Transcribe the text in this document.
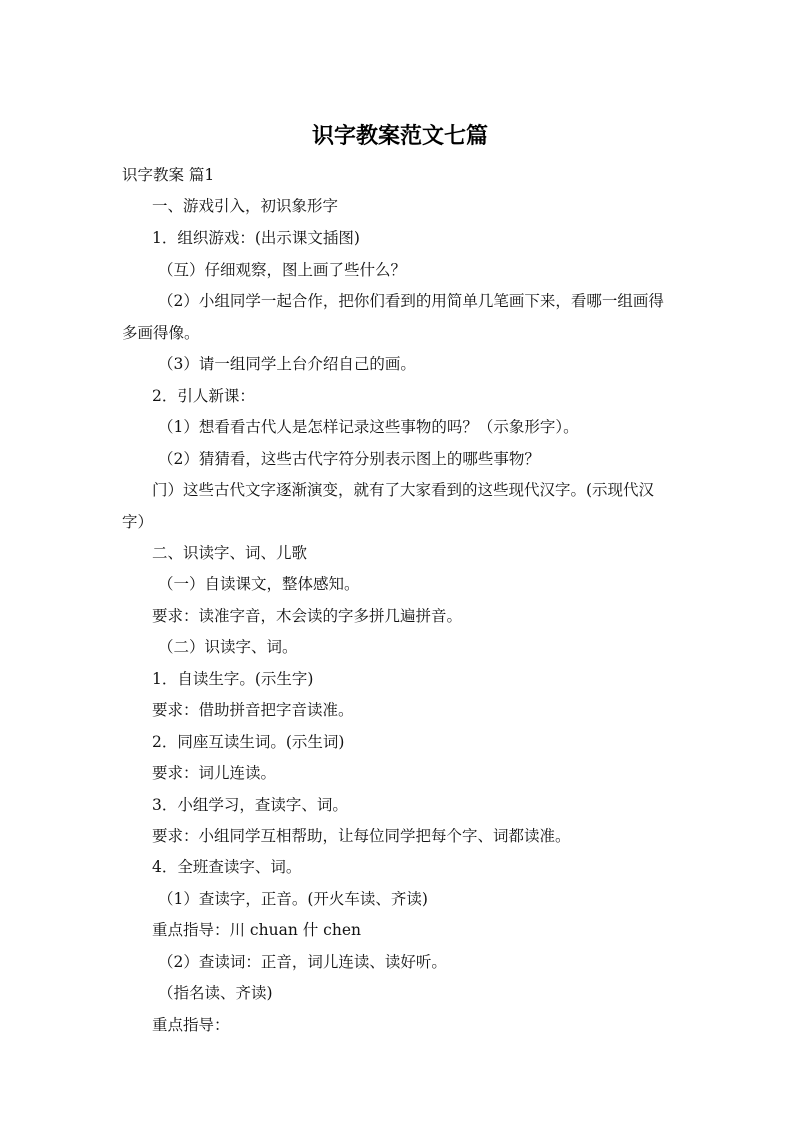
识字教案范文七篇
识字教案 篇1
一、游戏引入，初识象形字
1．组织游戏：(出示课文插图)
（互）仔细观察，图上画了些什么？
（2）小组同学一起合作，把你们看到的用简单几笔画下来，看哪一组画得
多画得像。
（3）请一组同学上台介绍自己的画。
2．引人新课：
（1）想看看古代人是怎样记录这些事物的吗？（示象形字）。
（2）猜猜看，这些古代字符分别表示图上的哪些事物？
门）这些古代文字逐渐演变，就有了大家看到的这些现代汉字。(示现代汉
字）
二、识读字、词、儿歌
（一）自读课文，整体感知。
要求：读准字音，木会读的字多拼几遍拼音。
（二）识读字、词。
1．自读生字。(示生字)
要求：借助拼音把字音读准。
2．同座互读生词。(示生词)
要求：词儿连读。
3．小组学习，查读字、词。
要求：小组同学互相帮助，让每位同学把每个字、词都读准。
4．全班查读字、词。
（1）查读字，正音。(开火车读、齐读)
重点指导：川 chuan 什 chen
（2）查读词：正音，词儿连读、读好听。
（指名读、齐读)
重点指导：
